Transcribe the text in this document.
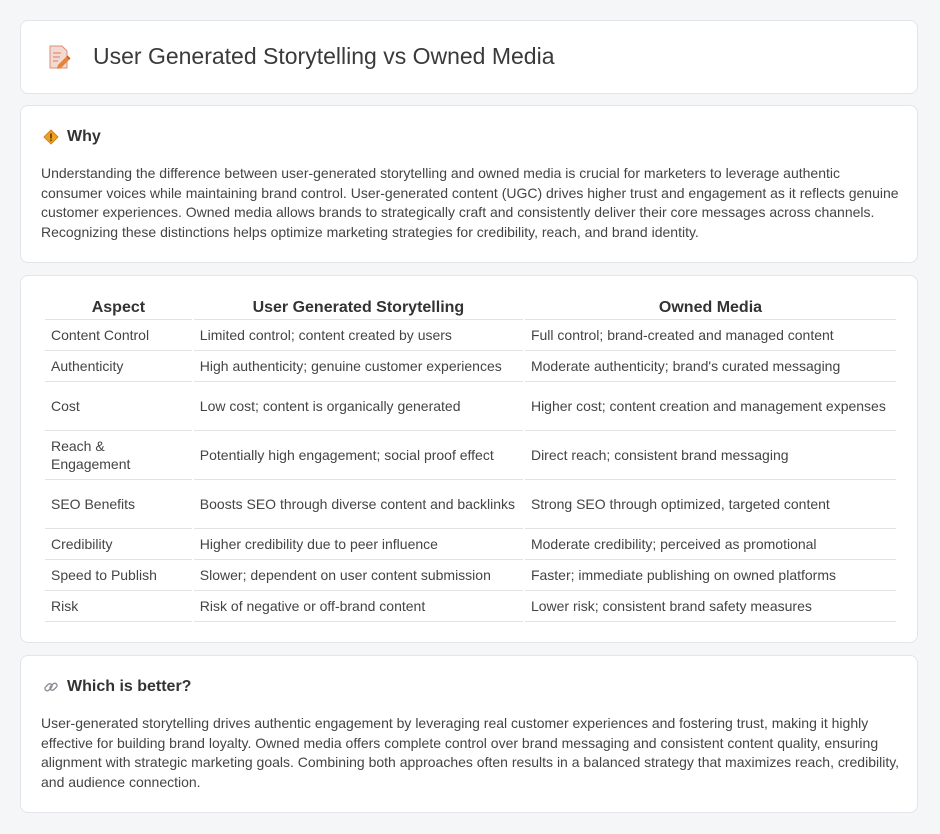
User Generated Storytelling vs Owned Media
Why

Understanding the difference between user-generated storytelling and owned media is crucial for marketers to leverage authentic consumer voices while maintaining brand control. User-generated content (UGC) drives higher trust and engagement as it reflects genuine customer experiences. Owned media allows brands to strategically craft and consistently deliver their core messages across channels. Recognizing these distinctions helps optimize marketing strategies for credibility, reach, and brand identity.

Aspect	User Generated Storytelling	Owned Media
Content Control	Limited control; content created by users	Full control; brand-created and managed content
Authenticity	High authenticity; genuine customer experiences	Moderate authenticity; brand's curated messaging
Cost	Low cost; content is organically generated	Higher cost; content creation and management expenses
Reach & Engagement	Potentially high engagement; social proof effect	Direct reach; consistent brand messaging
SEO Benefits	Boosts SEO through diverse content and backlinks	Strong SEO through optimized, targeted content
Credibility	Higher credibility due to peer influence	Moderate credibility; perceived as promotional
Speed to Publish	Slower; dependent on user content submission	Faster; immediate publishing on owned platforms
Risk	Risk of negative or off-brand content	Lower risk; consistent brand safety measures
Which is better?

User-generated storytelling drives authentic engagement by leveraging real customer experiences and fostering trust, making it highly effective for building brand loyalty. Owned media offers complete control over brand messaging and consistent content quality, ensuring alignment with strategic marketing goals. Combining both approaches often results in a balanced strategy that maximizes reach, credibility, and audience connection.
